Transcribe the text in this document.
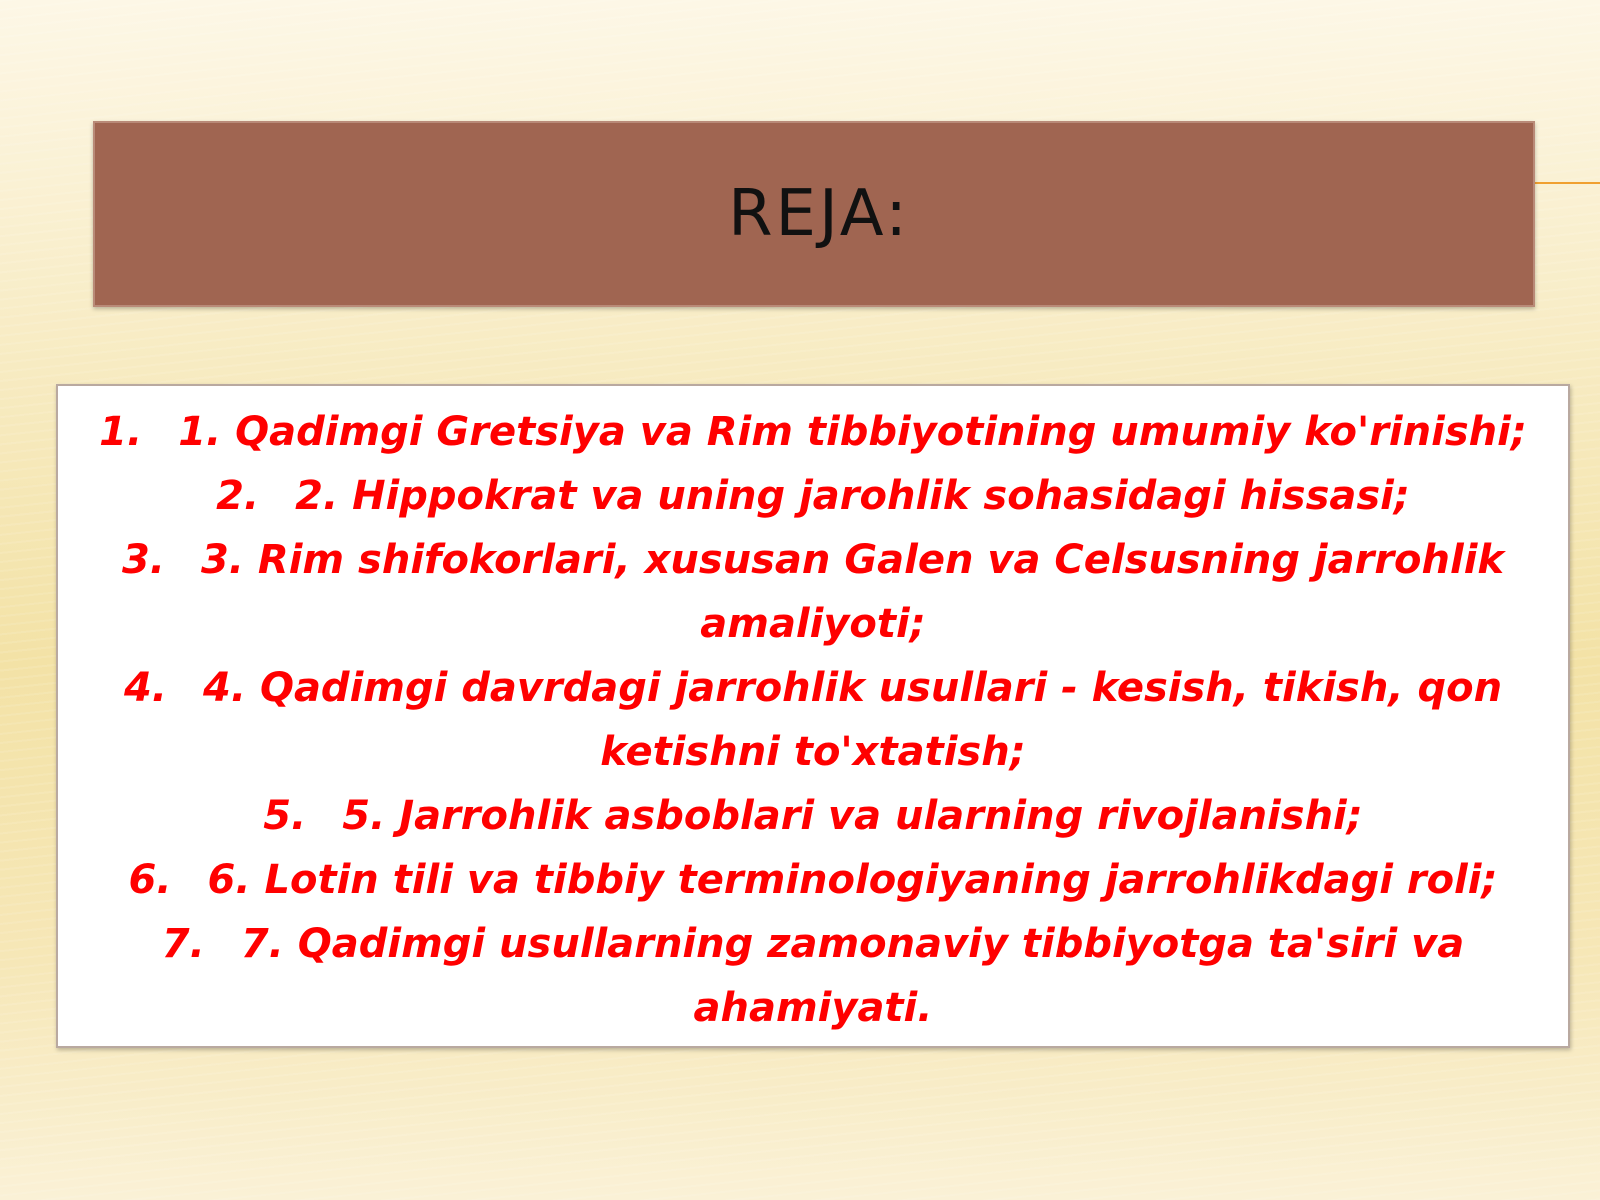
REJA:
1. 1. Qadimgi Gretsiya va Rim tibbiyotining umumiy ko'rinishi;
2. 2. Hippokrat va uning jarohlik sohasidagi hissasi;
3. 3. Rim shifokorlari, xususan Galen va Celsusning jarrohlik amaliyoti;
4. 4. Qadimgi davrdagi jarrohlik usullari - kesish, tikish, qon ketishni to'xtatish;
5. 5. Jarrohlik asboblari va ularning rivojlanishi;
6. 6. Lotin tili va tibbiy terminologiyaning jarrohlikdagi roli;
7. 7. Qadimgi usullarning zamonaviy tibbiyotga ta'siri va ahamiyati.
